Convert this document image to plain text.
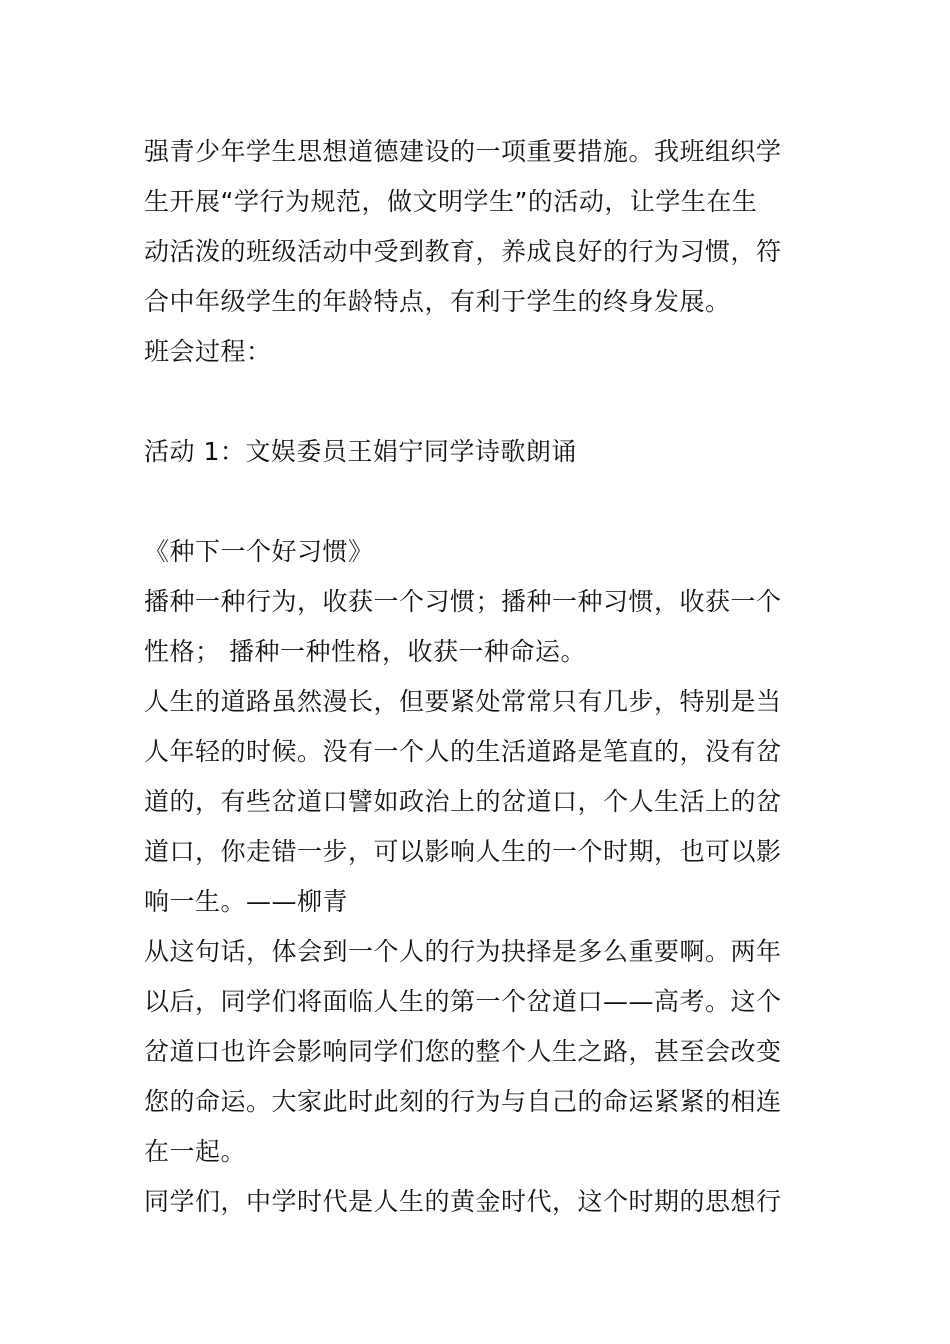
强青少年学生思想道德建设的一项重要措施。我班组织学
生开展“学行为规范，做文明学生”的活动，让学生在生
动活泼的班级活动中受到教育，养成良好的行为习惯，符
合中年级学生的年龄特点，有利于学生的终身发展。
班会过程：
活动 1：文娱委员王娟宁同学诗歌朗诵
《种下一个好习惯》
播种一种行为，收获一个习惯；播种一种习惯，收获一个
性格； 播种一种性格，收获一种命运。
人生的道路虽然漫长，但要紧处常常只有几步，特别是当
人年轻的时候。没有一个人的生活道路是笔直的，没有岔
道的，有些岔道口譬如政治上的岔道口，个人生活上的岔
道口，你走错一步，可以影响人生的一个时期，也可以影
响一生。——柳青
从这句话，体会到一个人的行为抉择是多么重要啊。两年
以后，同学们将面临人生的第一个岔道口——高考。这个
岔道口也许会影响同学们您的整个人生之路，甚至会改变
您的命运。大家此时此刻的行为与自己的命运紧紧的相连
在一起。
同学们，中学时代是人生的黄金时代，这个时期的思想行
